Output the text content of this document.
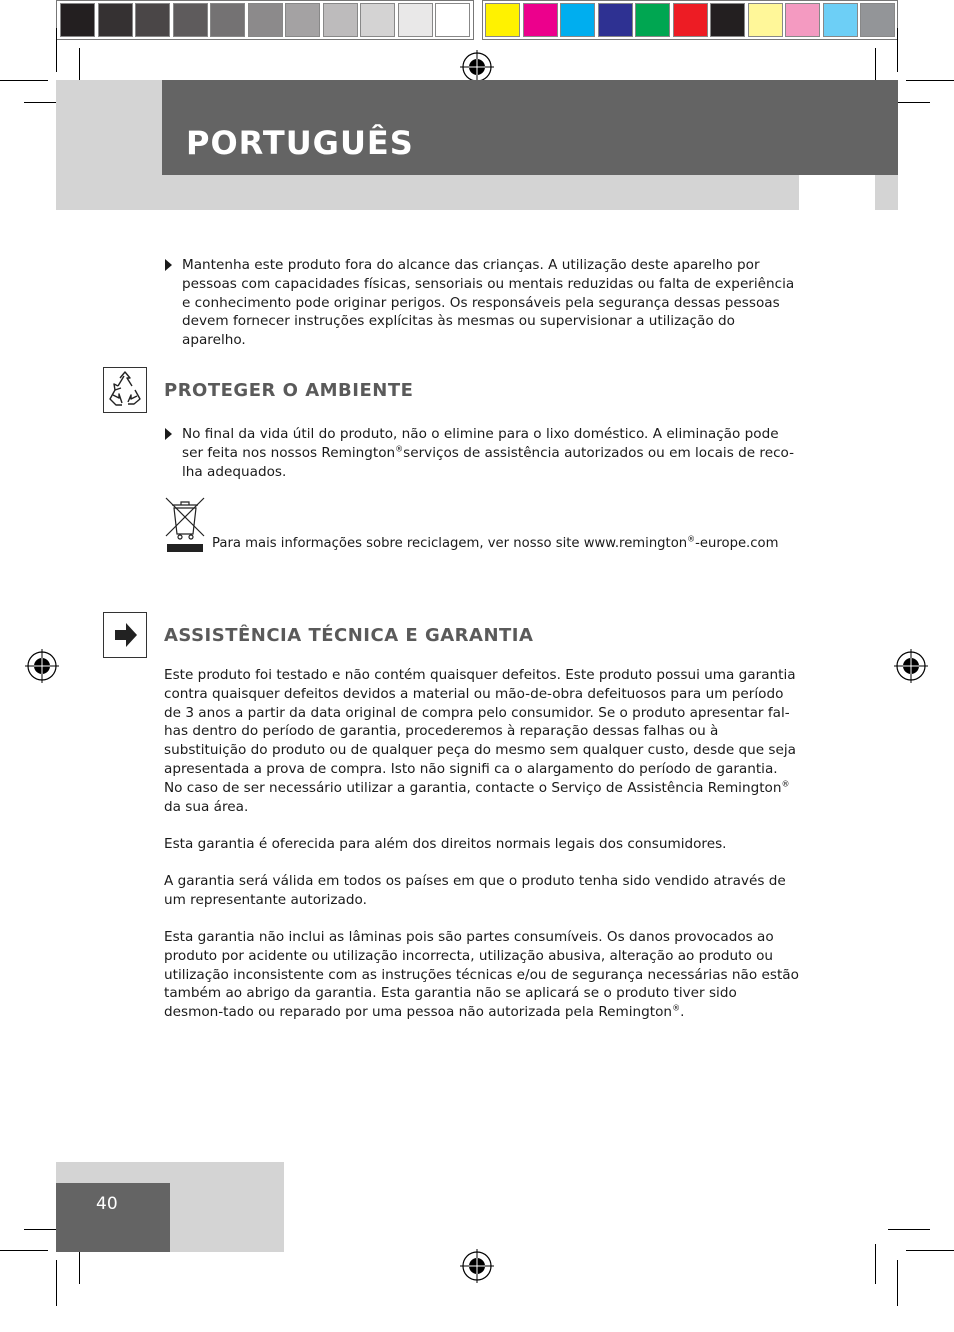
PORTUGUÊS
Mantenha este produto fora do alcance das crianças. A utilização deste aparelho por pessoas com capacidades físicas, sensoriais ou mentais reduzidas ou falta de experiência e conhecimento pode originar perigos. Os responsáveis pela segurança dessas pessoas devem fornecer instruções explícitas às mesmas ou supervisionar a utilização do aparelho.
PROTEGER O AMBIENTE
No final da vida útil do produto, não o elimine para o lixo doméstico. A eliminação pode ser feita nos nossos Remington®serviços de assistência autorizados ou em locais de reco-lha adequados.
Para mais informações sobre reciclagem, ver nosso site www.remington®-europe.com
ASSISTÊNCIA TÉCNICA E GARANTIA
Este produto foi testado e não contém quaisquer defeitos. Este produto possui uma garantia contra quaisquer defeitos devidos a material ou mão-de-obra defeituosos para um período de 3 anos a partir da data original de compra pelo consumidor. Se o produto apresentar fal-has dentro do período de garantia, procederemos à reparação dessas falhas ou à substituição do produto ou de qualquer peça do mesmo sem qualquer custo, desde que seja apresentada a prova de compra. Isto não signifi ca o alargamento do período de garantia.
No caso de ser necessário utilizar a garantia, contacte o Serviço de Assistência Remington® da sua área.
Esta garantia é oferecida para além dos direitos normais legais dos consumidores.
A garantia será válida em todos os países em que o produto tenha sido vendido através de um representante autorizado.
Esta garantia não inclui as lâminas pois são partes consumíveis. Os danos provocados ao produto por acidente ou utilização incorrecta, utilização abusiva, alteração ao produto ou utilização inconsistente com as instruções técnicas e/ou de segurança necessárias não estão também ao abrigo da garantia. Esta garantia não se aplicará se o produto tiver sido desmon-tado ou reparado por uma pessoa não autorizada pela Remington®.
40
